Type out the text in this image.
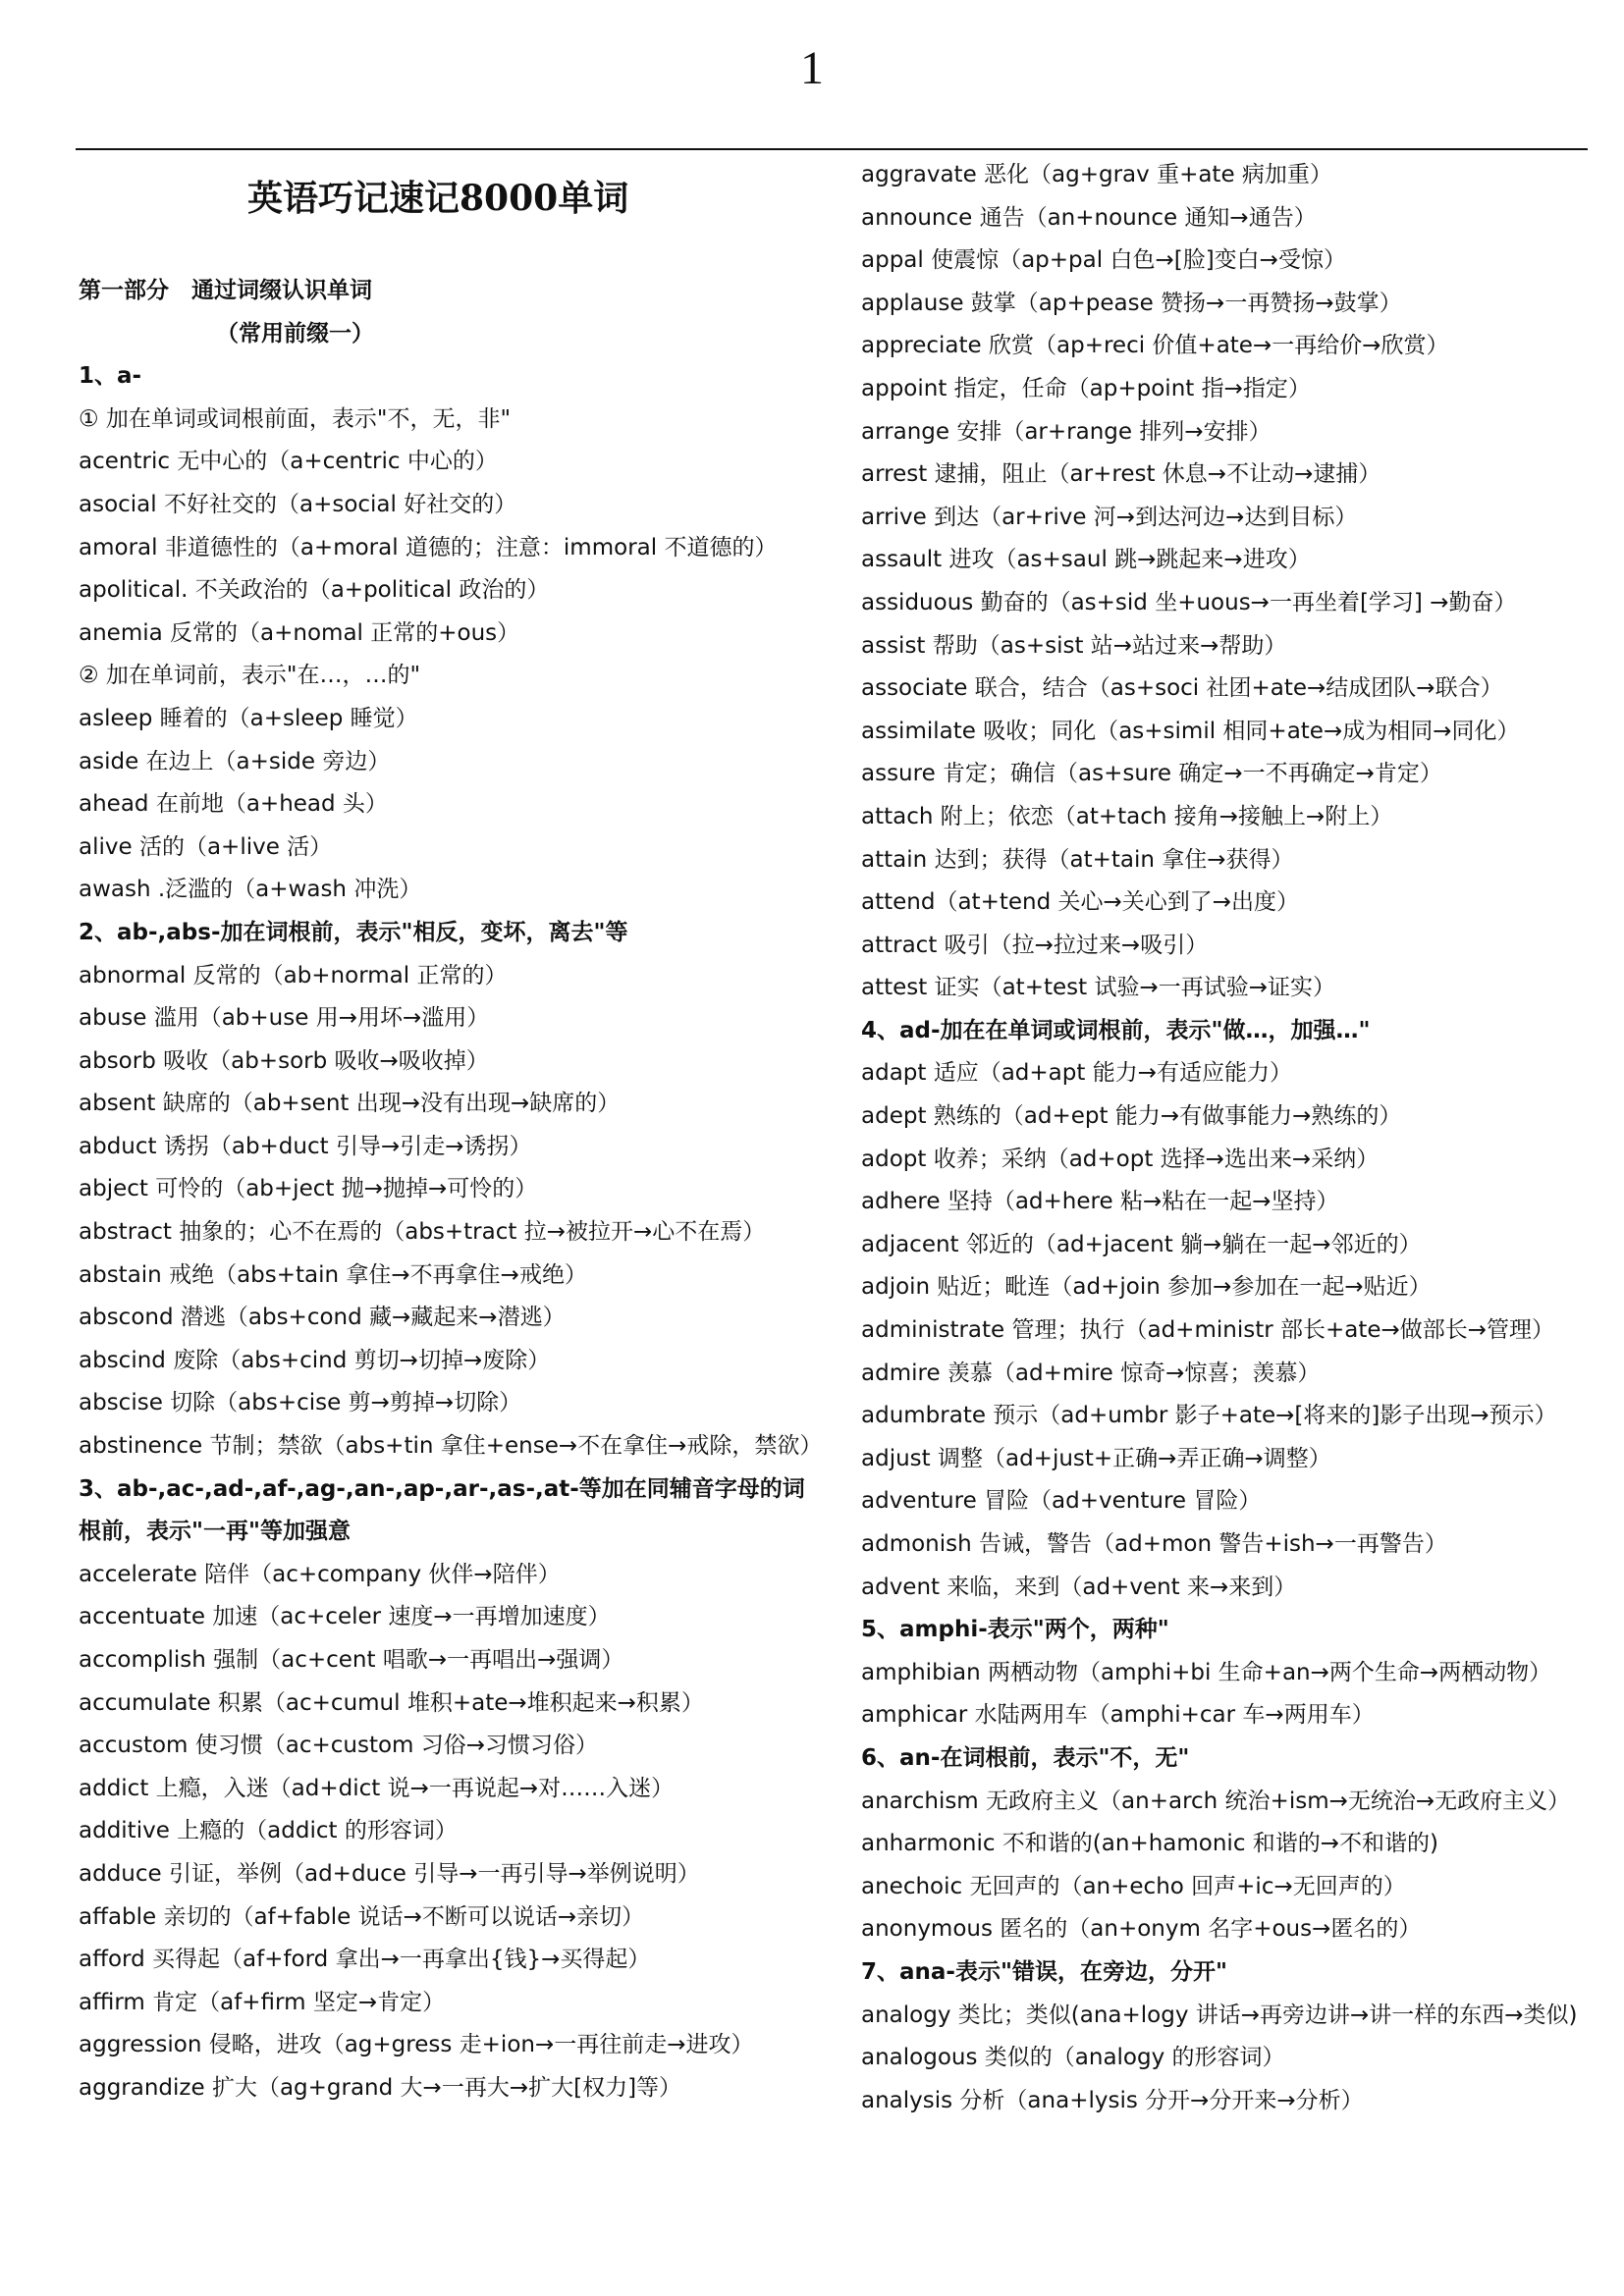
1
英语巧记速记8000单词
第一部分　通过词缀认识单词
（常用前缀一）
1、a-
① 加在单词或词根前面，表示"不，无，非"
acentric 无中心的（a+centric 中心的）
asocial 不好社交的（a+social 好社交的）
amoral 非道德性的（a+moral 道德的；注意：immoral 不道德的）
apolitical. 不关政治的（a+political 政治的）
anemia 反常的（a+nomal 正常的+ous）
② 加在单词前，表示"在…，…的"
asleep 睡着的（a+sleep 睡觉）
aside 在边上（a+side 旁边）
ahead 在前地（a+head 头）
alive 活的（a+live 活）
awash .泛滥的（a+wash 冲洗）
2、ab-,abs-加在词根前，表示"相反，变坏，离去"等
abnormal 反常的（ab+normal 正常的）
abuse 滥用（ab+use 用→用坏→滥用）
absorb 吸收（ab+sorb 吸收→吸收掉）
absent 缺席的（ab+sent 出现→没有出现→缺席的）
abduct 诱拐（ab+duct 引导→引走→诱拐）
abject 可怜的（ab+ject 抛→抛掉→可怜的）
abstract 抽象的；心不在焉的（abs+tract 拉→被拉开→心不在焉）
abstain 戒绝（abs+tain 拿住→不再拿住→戒绝）
abscond 潜逃（abs+cond 藏→藏起来→潜逃）
abscind 废除（abs+cind 剪切→切掉→废除）
abscise 切除（abs+cise 剪→剪掉→切除）
abstinence 节制；禁欲（abs+tin 拿住+ense→不在拿住→戒除，禁欲）
3、ab-,ac-,ad-,af-,ag-,an-,ap-,ar-,as-,at-等加在同辅音字母的词根前，表示"一再"等加强意
accelerate 陪伴（ac+company 伙伴→陪伴）
accentuate 加速（ac+celer 速度→一再增加速度）
accomplish 强制（ac+cent 唱歌→一再唱出→强调）
accumulate 积累（ac+cumul 堆积+ate→堆积起来→积累）
accustom 使习惯（ac+custom 习俗→习惯习俗）
addict 上瘾，入迷（ad+dict 说→一再说起→对……入迷）
additive 上瘾的（addict 的形容词）
adduce 引证，举例（ad+duce 引导→一再引导→举例说明）
affable 亲切的（af+fable 说话→不断可以说话→亲切）
afford 买得起（af+ford 拿出→一再拿出{钱}→买得起）
affirm 肯定（af+firm 坚定→肯定）
aggression 侵略，进攻（ag+gress 走+ion→一再往前走→进攻）
aggrandize 扩大（ag+grand 大→一再大→扩大[权力]等）
aggravate 恶化（ag+grav 重+ate 病加重）
announce 通告（an+nounce 通知→通告）
appal 使震惊（ap+pal 白色→[脸]变白→受惊）
applause 鼓掌（ap+pease 赞扬→一再赞扬→鼓掌）
appreciate 欣赏（ap+reci 价值+ate→一再给价→欣赏）
appoint 指定，任命（ap+point 指→指定）
arrange 安排（ar+range 排列→安排）
arrest 逮捕，阻止（ar+rest 休息→不让动→逮捕）
arrive 到达（ar+rive 河→到达河边→达到目标）
assault 进攻（as+saul 跳→跳起来→进攻）
assiduous 勤奋的（as+sid 坐+uous→一再坐着[学习] →勤奋）
assist 帮助（as+sist 站→站过来→帮助）
associate 联合，结合（as+soci 社团+ate→结成团队→联合）
assimilate 吸收；同化（as+simil 相同+ate→成为相同→同化）
assure 肯定；确信（as+sure 确定→一不再确定→肯定）
attach 附上；依恋（at+tach 接角→接触上→附上）
attain 达到；获得（at+tain 拿住→获得）
attend（at+tend 关心→关心到了→出度）
attract 吸引（拉→拉过来→吸引）
attest 证实（at+test 试验→一再试验→证实）
4、ad-加在在单词或词根前，表示"做…，加强…"
adapt 适应（ad+apt 能力→有适应能力）
adept 熟练的（ad+ept 能力→有做事能力→熟练的）
adopt 收养；采纳（ad+opt 选择→选出来→采纳）
adhere 坚持（ad+here 粘→粘在一起→坚持）
adjacent 邻近的（ad+jacent 躺→躺在一起→邻近的）
adjoin 贴近；毗连（ad+join 参加→参加在一起→贴近）
administrate 管理；执行（ad+ministr 部长+ate→做部长→管理）
admire 羡慕（ad+mire 惊奇→惊喜；羡慕）
adumbrate 预示（ad+umbr 影子+ate→[将来的]影子出现→预示）
adjust 调整（ad+just+正确→弄正确→调整）
adventure 冒险（ad+venture 冒险）
admonish 告诫，警告（ad+mon 警告+ish→一再警告）
advent 来临，来到（ad+vent 来→来到）
5、amphi-表示"两个，两种"
amphibian 两栖动物（amphi+bi 生命+an→两个生命→两栖动物）
amphicar 水陆两用车（amphi+car 车→两用车）
6、an-在词根前，表示"不，无"
anarchism 无政府主义（an+arch 统治+ism→无统治→无政府主义）
anharmonic 不和谐的(an+hamonic 和谐的→不和谐的)
anechoic 无回声的（an+echo 回声+ic→无回声的）
anonymous 匿名的（an+onym 名字+ous→匿名的）
7、ana-表示"错误，在旁边，分开"
analogy 类比；类似(ana+logy 讲话→再旁边讲→讲一样的东西→类似)
analogous 类似的（analogy 的形容词）
analysis 分析（ana+lysis 分开→分开来→分析）
